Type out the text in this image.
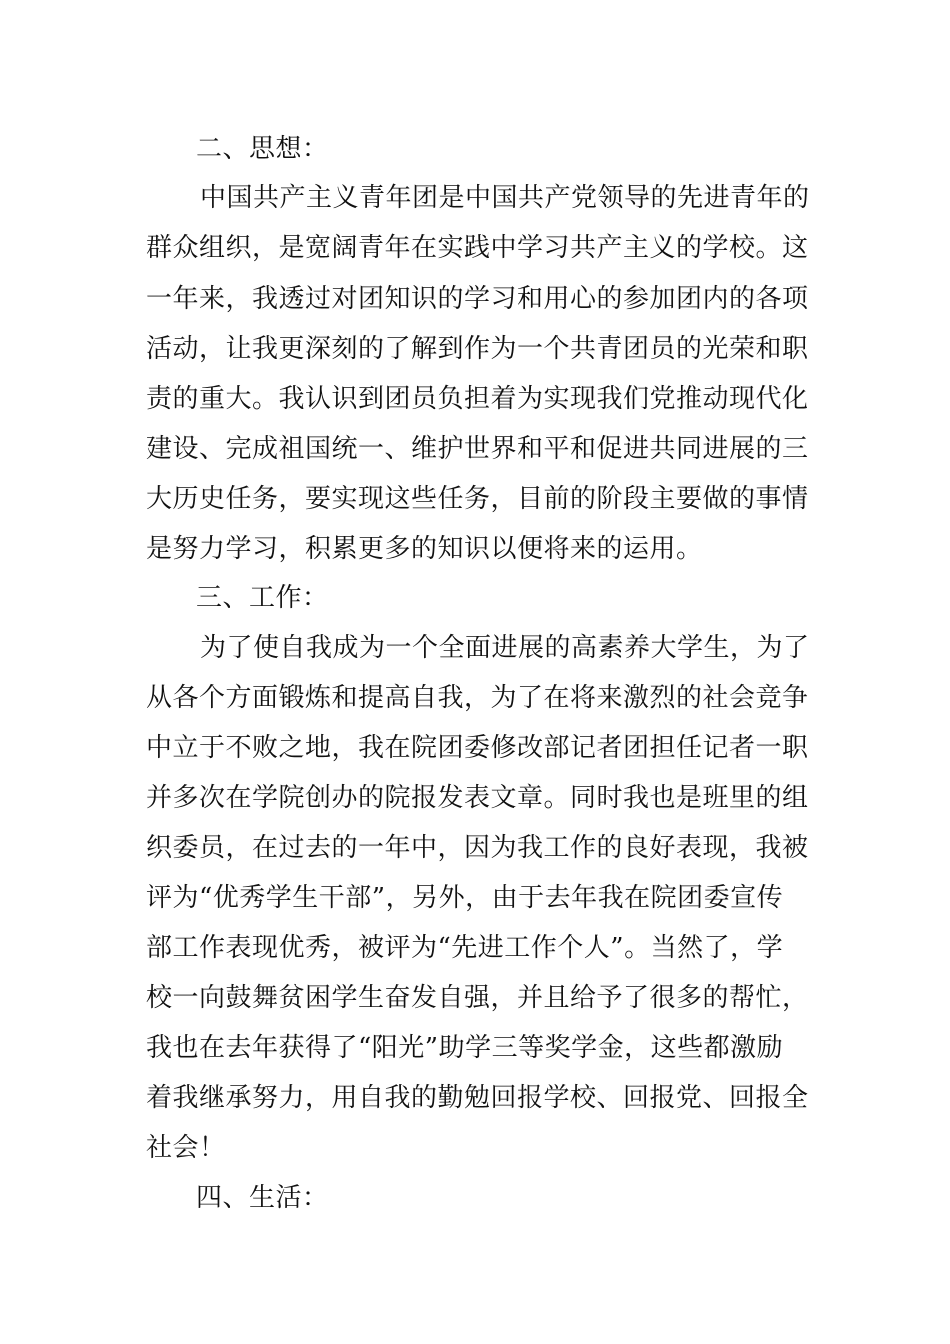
二、思想：
中国共产主义青年团是中国共产党领导的先进青年的
群众组织，是宽阔青年在实践中学习共产主义的学校。这
一年来，我透过对团知识的学习和用心的参加团内的各项
活动，让我更深刻的了解到作为一个共青团员的光荣和职
责的重大。我认识到团员负担着为实现我们党推动现代化
建设、完成祖国统一、维护世界和平和促进共同进展的三
大历史任务，要实现这些任务，目前的阶段主要做的事情
是努力学习，积累更多的知识以便将来的运用。
三、工作：
为了使自我成为一个全面进展的高素养大学生，为了
从各个方面锻炼和提高自我，为了在将来激烈的社会竞争
中立于不败之地，我在院团委修改部记者团担任记者一职
并多次在学院创办的院报发表文章。同时我也是班里的组
织委员，在过去的一年中，因为我工作的良好表现，我被
评为“优秀学生干部”，另外，由于去年我在院团委宣传
部工作表现优秀，被评为“先进工作个人”。当然了，学
校一向鼓舞贫困学生奋发自强，并且给予了很多的帮忙，
我也在去年获得了“阳光”助学三等奖学金，这些都激励
着我继承努力，用自我的勤勉回报学校、回报党、回报全
社会！
四、生活：
